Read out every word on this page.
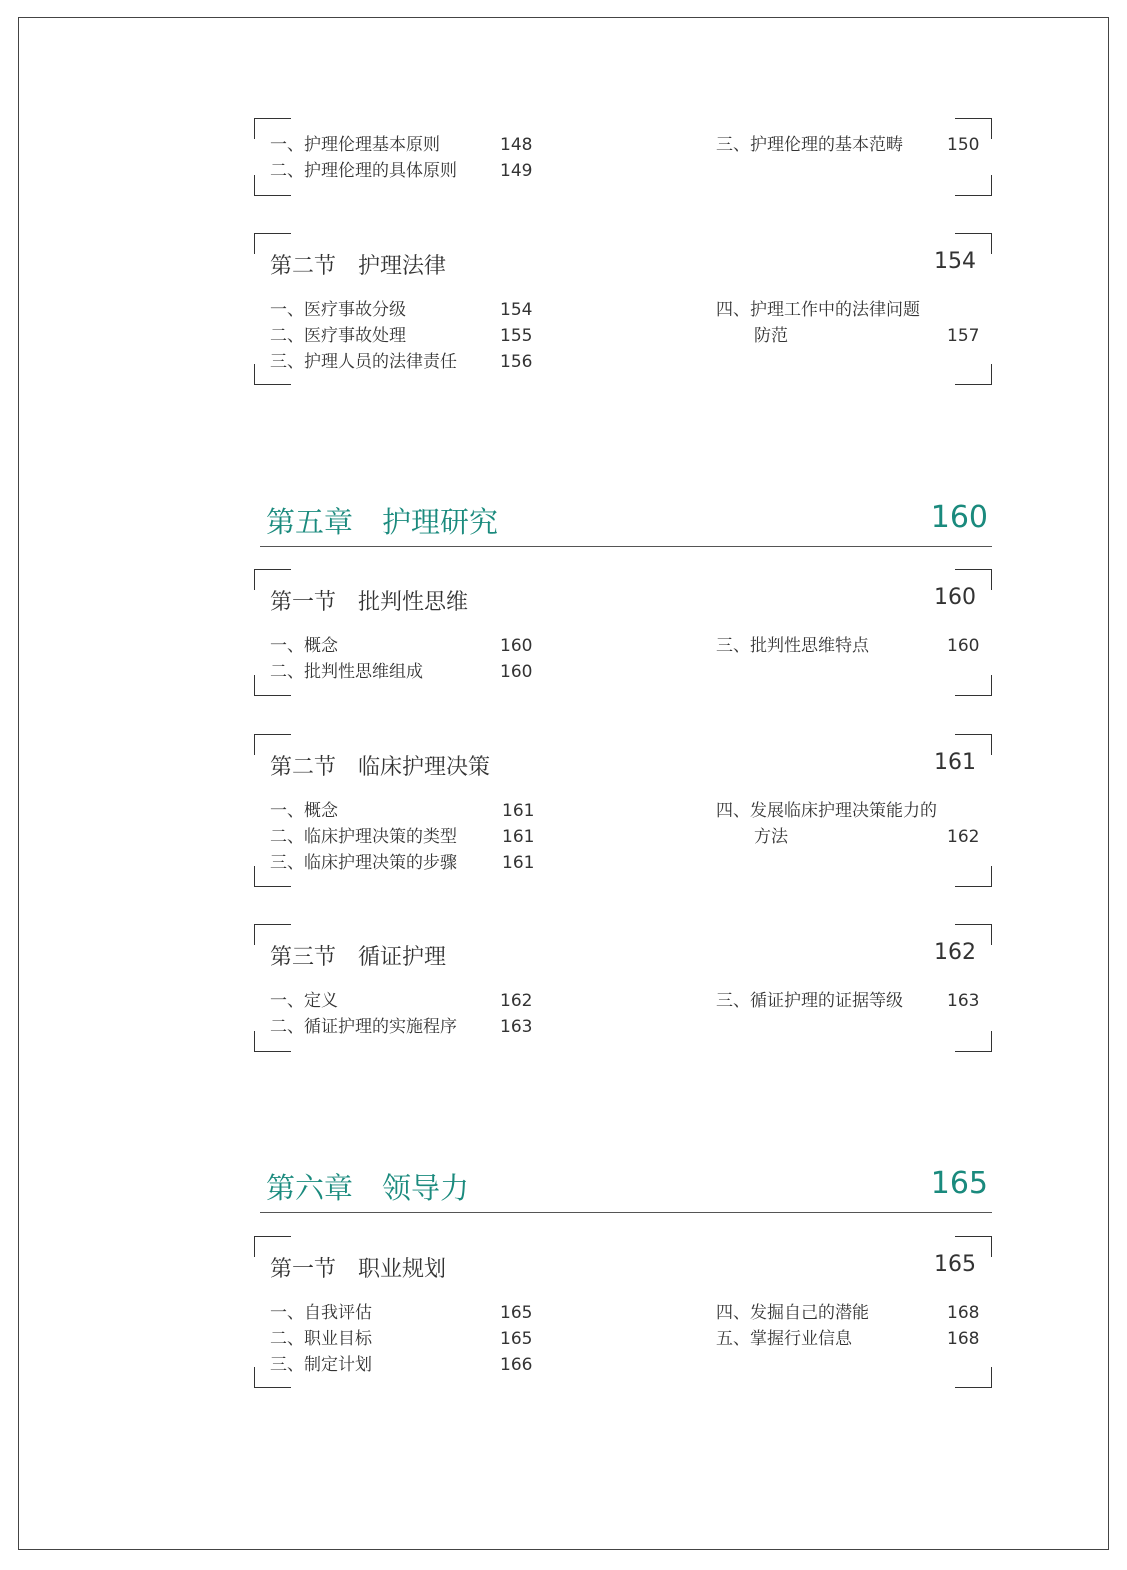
一、护理伦理基本原则	148
二、护理伦理的具体原则	149
三、护理伦理的基本范畴	150
第二节　护理法律	154
一、医疗事故分级	154
二、医疗事故处理	155
三、护理人员的法律责任	156
四、护理工作中的法律问题
防范	157
第五章　护理研究	160
第一节　批判性思维	160
一、概念	160
二、批判性思维组成	160
三、批判性思维特点	160
第二节　临床护理决策	161
一、概念	161
二、临床护理决策的类型	161
三、临床护理决策的步骤	161
四、发展临床护理决策能力的
方法	162
第三节　循证护理	162
一、定义	162
二、循证护理的实施程序	163
三、循证护理的证据等级	163
第六章　领导力	165
第一节　职业规划	165
一、自我评估	165
二、职业目标	165
三、制定计划	166
四、发掘自己的潜能	168
五、掌握行业信息	168
